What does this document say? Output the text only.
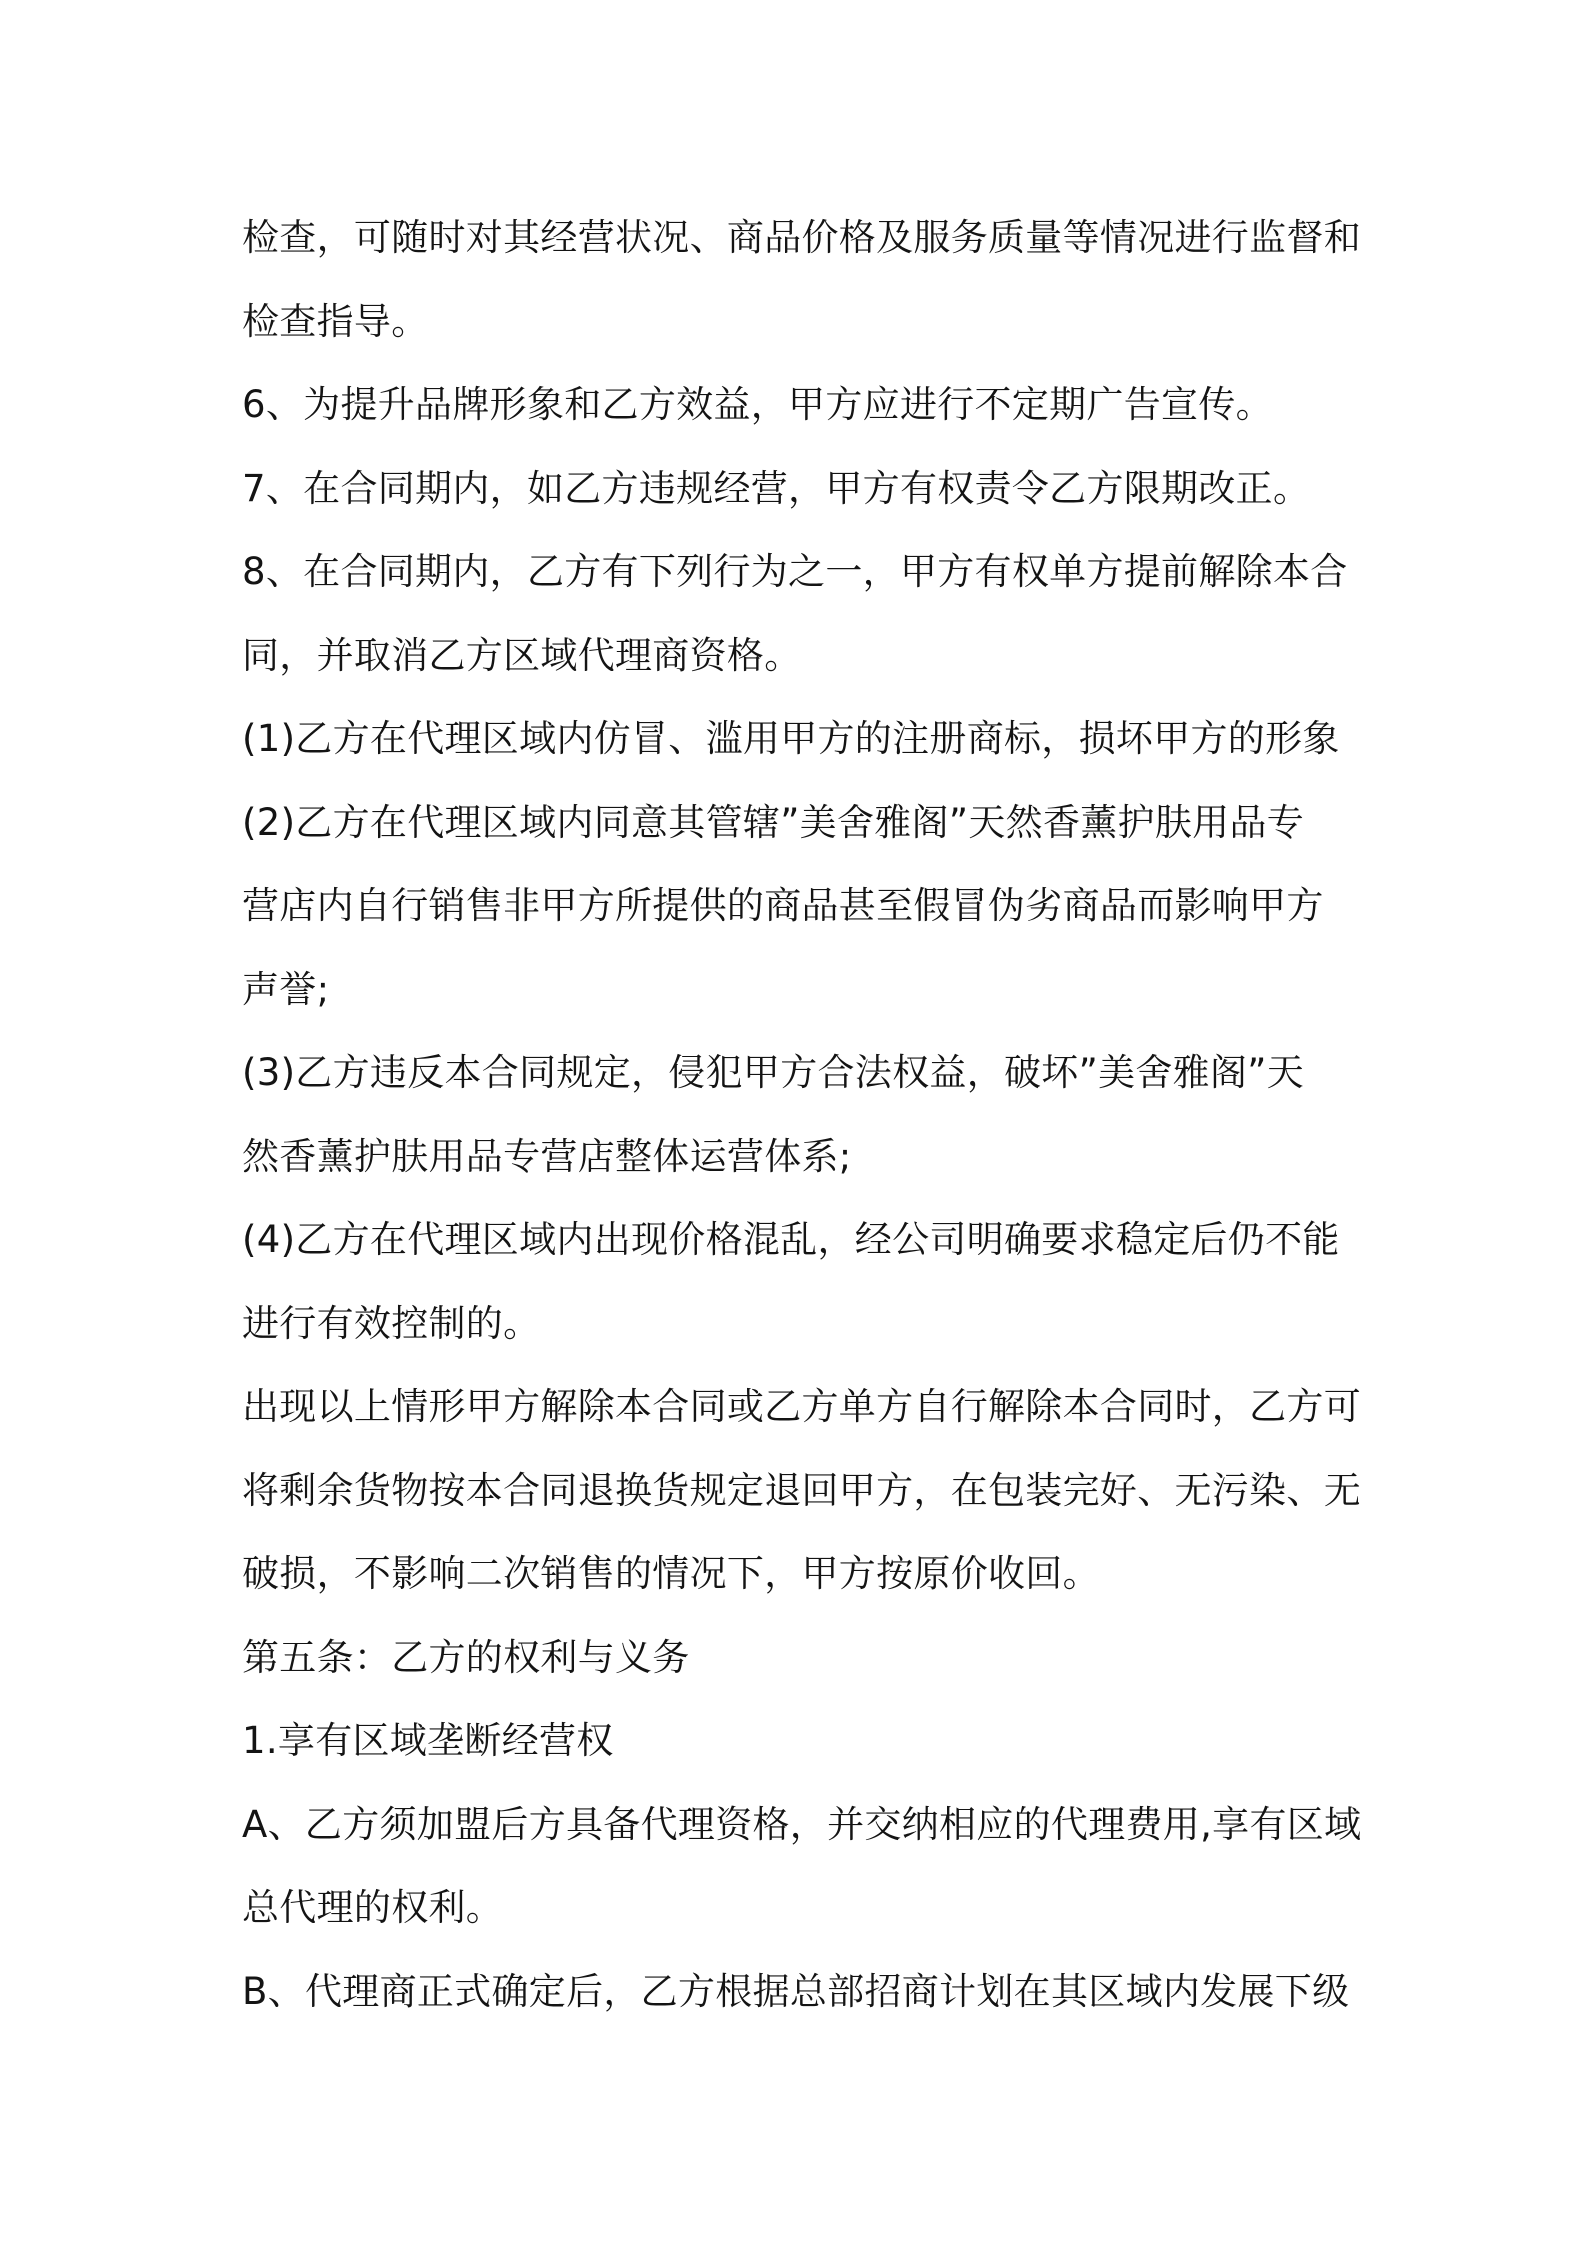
检查，可随时对其经营状况、商品价格及服务质量等情况进行监督和
检查指导。
6、为提升品牌形象和乙方效益，甲方应进行不定期广告宣传。
7、在合同期内，如乙方违规经营，甲方有权责令乙方限期改正。
8、在合同期内，乙方有下列行为之一，甲方有权单方提前解除本合
同，并取消乙方区域代理商资格。
(1)乙方在代理区域内仿冒、滥用甲方的注册商标，损坏甲方的形象
(2)乙方在代理区域内同意其管辖”美舍雅阁”天然香薰护肤用品专
营店内自行销售非甲方所提供的商品甚至假冒伪劣商品而影响甲方
声誉;
(3)乙方违反本合同规定，侵犯甲方合法权益，破坏”美舍雅阁”天
然香薰护肤用品专营店整体运营体系;
(4)乙方在代理区域内出现价格混乱，经公司明确要求稳定后仍不能
进行有效控制的。
出现以上情形甲方解除本合同或乙方单方自行解除本合同时，乙方可
将剩余货物按本合同退换货规定退回甲方，在包装完好、无污染、无
破损，不影响二次销售的情况下，甲方按原价收回。
第五条：乙方的权利与义务
1.享有区域垄断经营权
A、乙方须加盟后方具备代理资格，并交纳相应的代理费用,享有区域
总代理的权利。
B、代理商正式确定后，乙方根据总部招商计划在其区域内发展下级
